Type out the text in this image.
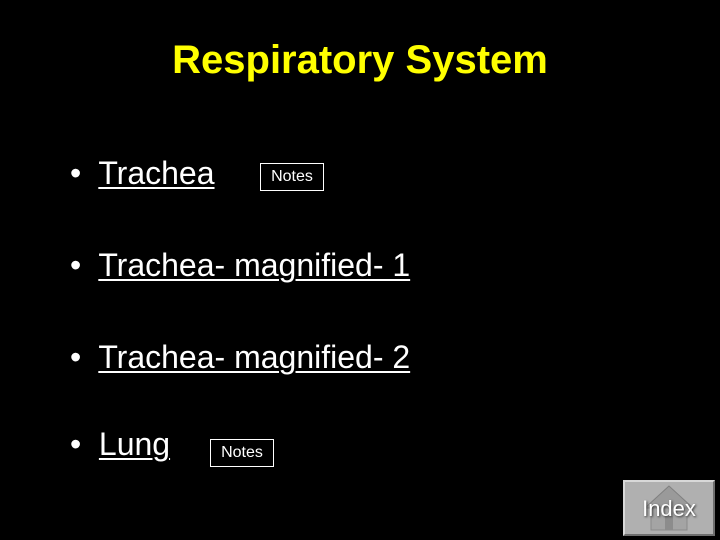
Respiratory System
• Trachea	Notes
• Trachea- magnified- 1
• Trachea- magnified- 2
• Lung	Notes
Index
